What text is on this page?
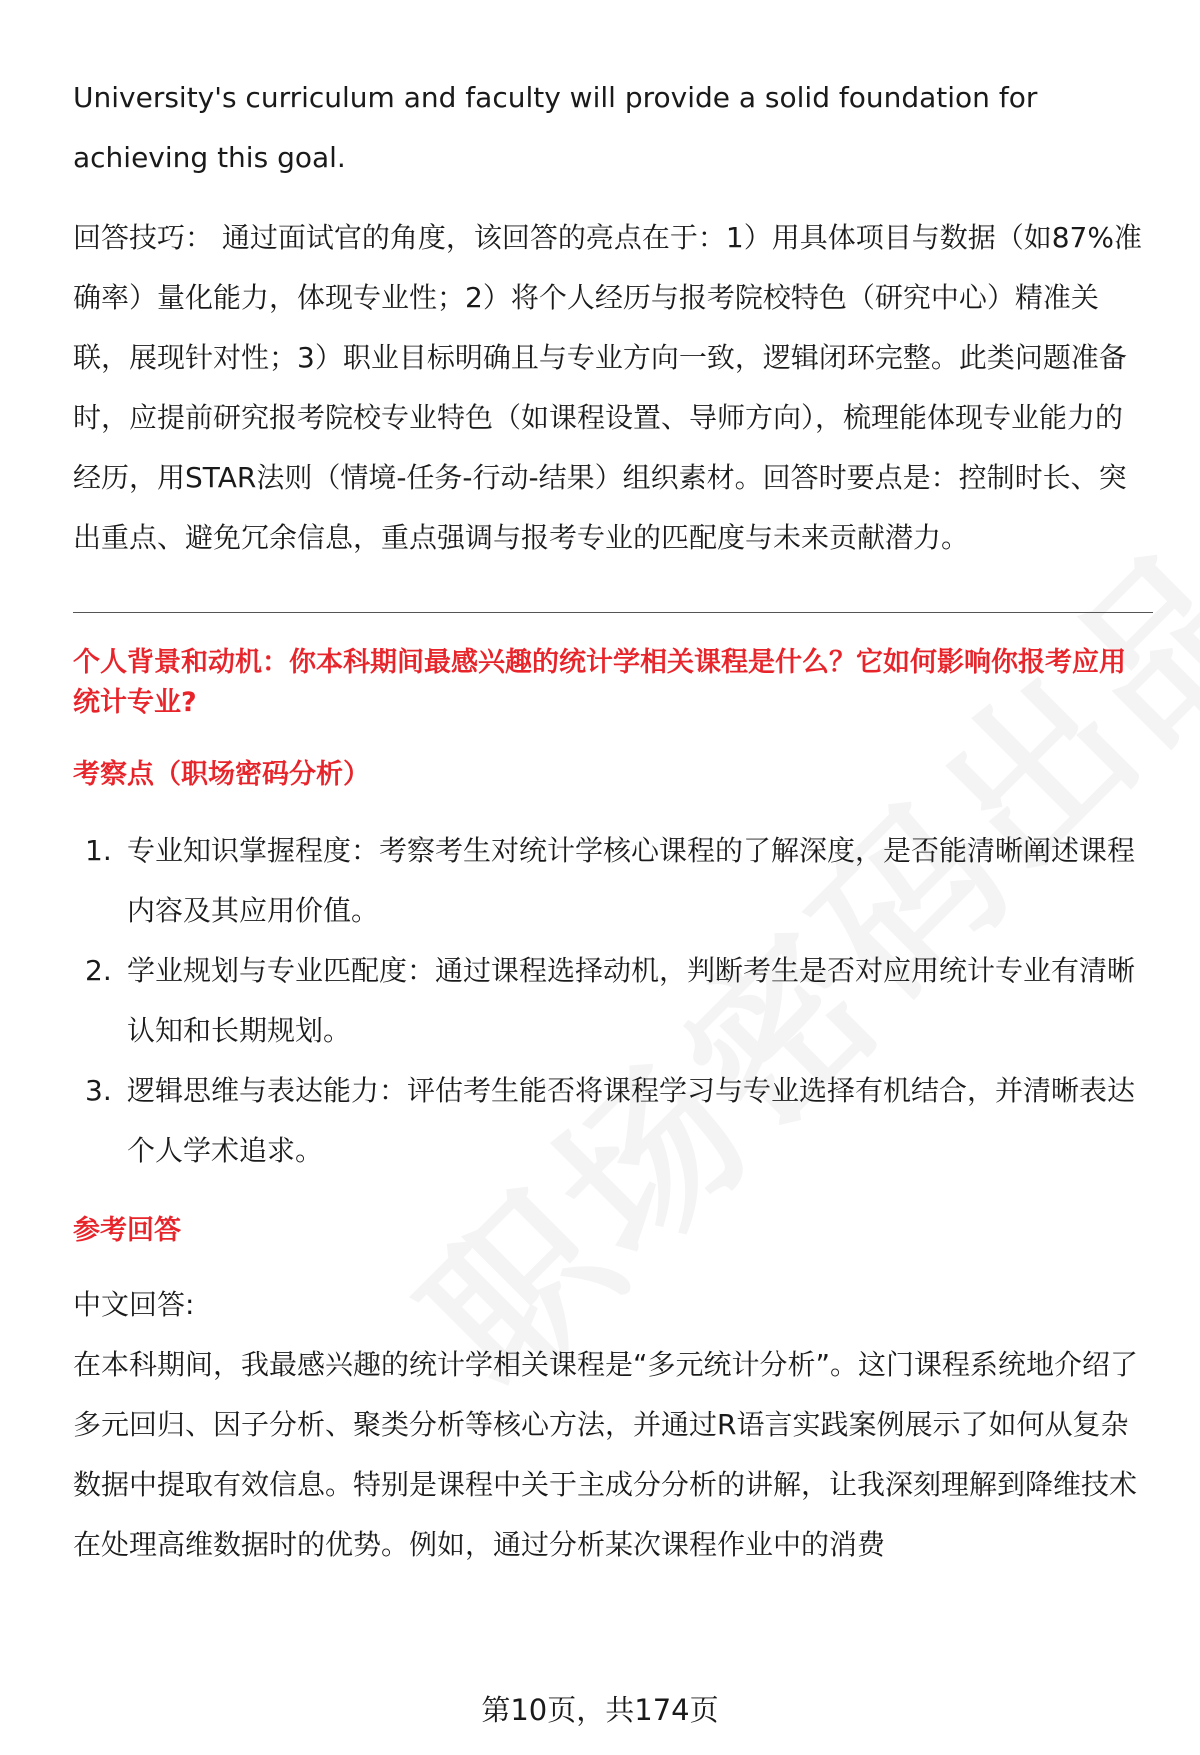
University's curriculum and faculty will provide a solid foundation for achieving this goal.

回答技巧： 通过面试官的角度，该回答的亮点在于：1）用具体项目与数据（如87%准确率）量化能力，体现专业性；2）将个人经历与报考院校特色（研究中心）精准关联，展现针对性；3）职业目标明确且与专业方向一致，逻辑闭环完整。此类问题准备时，应提前研究报考院校专业特色（如课程设置、导师方向），梳理能体现专业能力的经历，用STAR法则（情境-任务-行动-结果）组织素材。回答时要点是：控制时长、突出重点、避免冗余信息，重点强调与报考专业的匹配度与未来贡献潜力。

个人背景和动机：你本科期间最感兴趣的统计学相关课程是什么？它如何影响你报考应用统计专业?

考察点（职场密码分析）

1. 专业知识掌握程度：考察考生对统计学核心课程的了解深度，是否能清晰阐述课程内容及其应用价值。
2. 学业规划与专业匹配度：通过课程选择动机，判断考生是否对应用统计专业有清晰认知和长期规划。
3. 逻辑思维与表达能力：评估考生能否将课程学习与专业选择有机结合，并清晰表达个人学术追求。

参考回答

中文回答:

在本科期间，我最感兴趣的统计学相关课程是“多元统计分析”。这门课程系统地介绍了多元回归、因子分析、聚类分析等核心方法，并通过R语言实践案例展示了如何从复杂数据中提取有效信息。特别是课程中关于主成分分析的讲解，让我深刻理解到降维技术在处理高维数据时的优势。例如，通过分析某次课程作业中的消费

第10页，共174页
